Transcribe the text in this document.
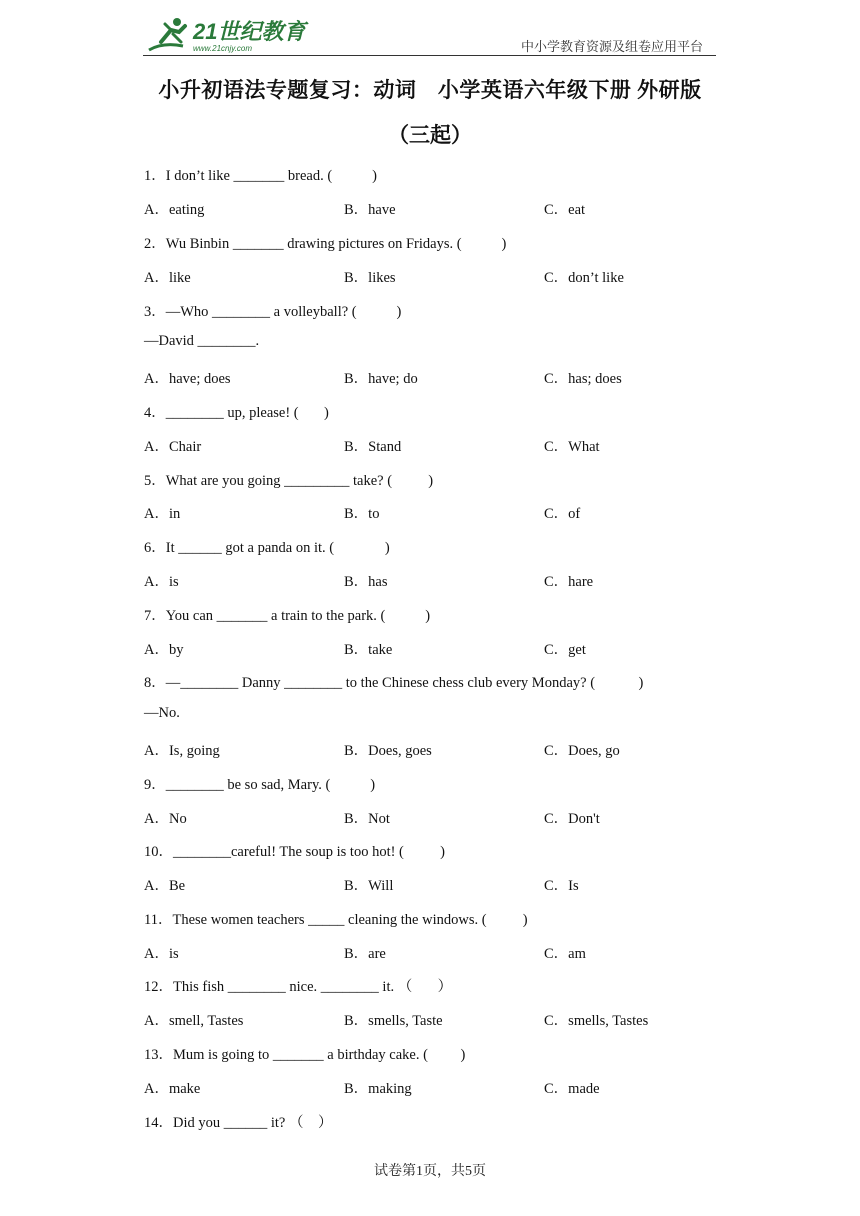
21世纪教育
www.21cnjy.com	中小学教育资源及组卷应用平台
小升初语法专题复习：动词　小学英语六年级下册 外研版
（三起）
1．I don’t like _______ bread. (           )
A．eating	B．have	C．eat
2．Wu Binbin _______ drawing pictures on Fridays. (           )
A．like	B．likes	C．don’t like
3．—Who ________ a volleyball? (           )
—David ________.
A．have; does	B．have; do	C．has; does
4．________ up, please! (       )
A．Chair	B．Stand	C．What
5．What are you going _________ take? (          )
A．in	B．to	C．of
6．It ______ got a panda on it. (              )
A．is	B．has	C．hare
7．You can _______ a train to the park. (           )
A．by	B．take	C．get
8．—________ Danny ________ to the Chinese chess club every Monday? (            )
—No.
A．Is, going	B．Does, goes	C．Does, go
9．________ be so sad, Mary. (           )
A．No	B．Not	C．Don't
10．________careful! The soup is too hot! (          )
A．Be	B．Will	C．Is
11．These women teachers _____ cleaning the windows. (          )
A．is	B．are	C．am
12．This fish ________ nice. ________ it. （       ）
A．smell, Tastes	B．smells, Taste	C．smells, Tastes
13．Mum is going to _______ a birthday cake. (         )
A．make	B．making	C．made
14．Did you ______ it? （    ）
试卷第1页，共5页
